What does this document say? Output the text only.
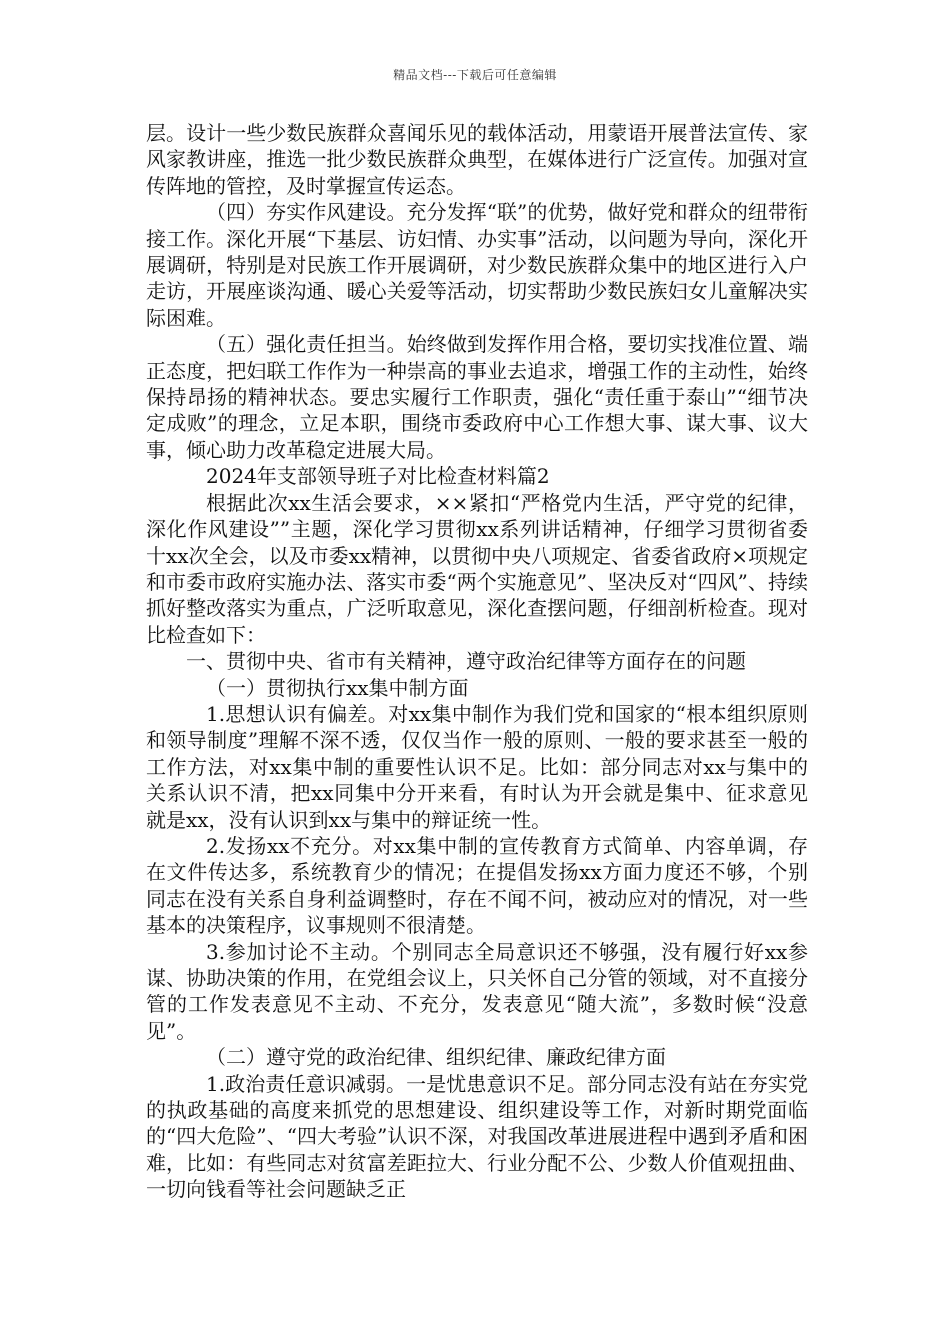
精品文档---下载后可任意编辑

层。设计一些少数民族群众喜闻乐见的载体活动，用蒙语开展普法宣传、家风家教讲座，推选一批少数民族群众典型，在媒体进行广泛宣传。加强对宣传阵地的管控，及时掌握宣传运态。

（四）夯实作风建设。充分发挥“联”的优势，做好党和群众的纽带衔接工作。深化开展“下基层、访妇情、办实事”活动，以问题为导向，深化开展调研，特别是对民族工作开展调研，对少数民族群众集中的地区进行入户走访，开展座谈沟通、暖心关爱等活动，切实帮助少数民族妇女儿童解决实际困难。

（五）强化责任担当。始终做到发挥作用合格，要切实找准位置、端正态度，把妇联工作作为一种崇高的事业去追求，增强工作的主动性，始终保持昂扬的精神状态。要忠实履行工作职责，强化“责任重于泰山”“细节决定成败”的理念，立足本职，围绕市委政府中心工作想大事、谋大事、议大事，倾心助力改革稳定进展大局。

2024年支部领导班子对比检查材料篇2

根据此次xx生活会要求，××紧扣“严格党内生活，严守党的纪律，深化作风建设””主题，深化学习贯彻xx系列讲话精神，仔细学习贯彻省委十xx次全会，以及市委xx精神，以贯彻中央八项规定、省委省政府×项规定和市委市政府实施办法、落实市委“两个实施意见”、坚决反对“四风”、持续抓好整改落实为重点，广泛听取意见，深化查摆问题，仔细剖析检查。现对比检查如下：

一、贯彻中央、省市有关精神，遵守政治纪律等方面存在的问题

（一）贯彻执行xx集中制方面

1.思想认识有偏差。对xx集中制作为我们党和国家的“根本组织原则和领导制度”理解不深不透，仅仅当作一般的原则、一般的要求甚至一般的工作方法，对xx集中制的重要性认识不足。比如：部分同志对xx与集中的关系认识不清，把xx同集中分开来看，有时认为开会就是集中、征求意见就是xx，没有认识到xx与集中的辩证统一性。

2.发扬xx不充分。对xx集中制的宣传教育方式简单、内容单调，存在文件传达多，系统教育少的情况；在提倡发扬xx方面力度还不够，个别同志在没有关系自身利益调整时，存在不闻不问，被动应对的情况，对一些基本的决策程序，议事规则不很清楚。

3.参加讨论不主动。个别同志全局意识还不够强，没有履行好xx参谋、协助决策的作用，在党组会议上，只关怀自己分管的领域，对不直接分管的工作发表意见不主动、不充分，发表意见“随大流”，多数时候“没意见”。

（二）遵守党的政治纪律、组织纪律、廉政纪律方面

1.政治责任意识减弱。一是忧患意识不足。部分同志没有站在夯实党的执政基础的高度来抓党的思想建设、组织建设等工作，对新时期党面临的“四大危险”、“四大考验”认识不深，对我国改革进展进程中遇到矛盾和困难，比如：有些同志对贫富差距拉大、行业分配不公、少数人价值观扭曲、一切向钱看等社会问题缺乏正
